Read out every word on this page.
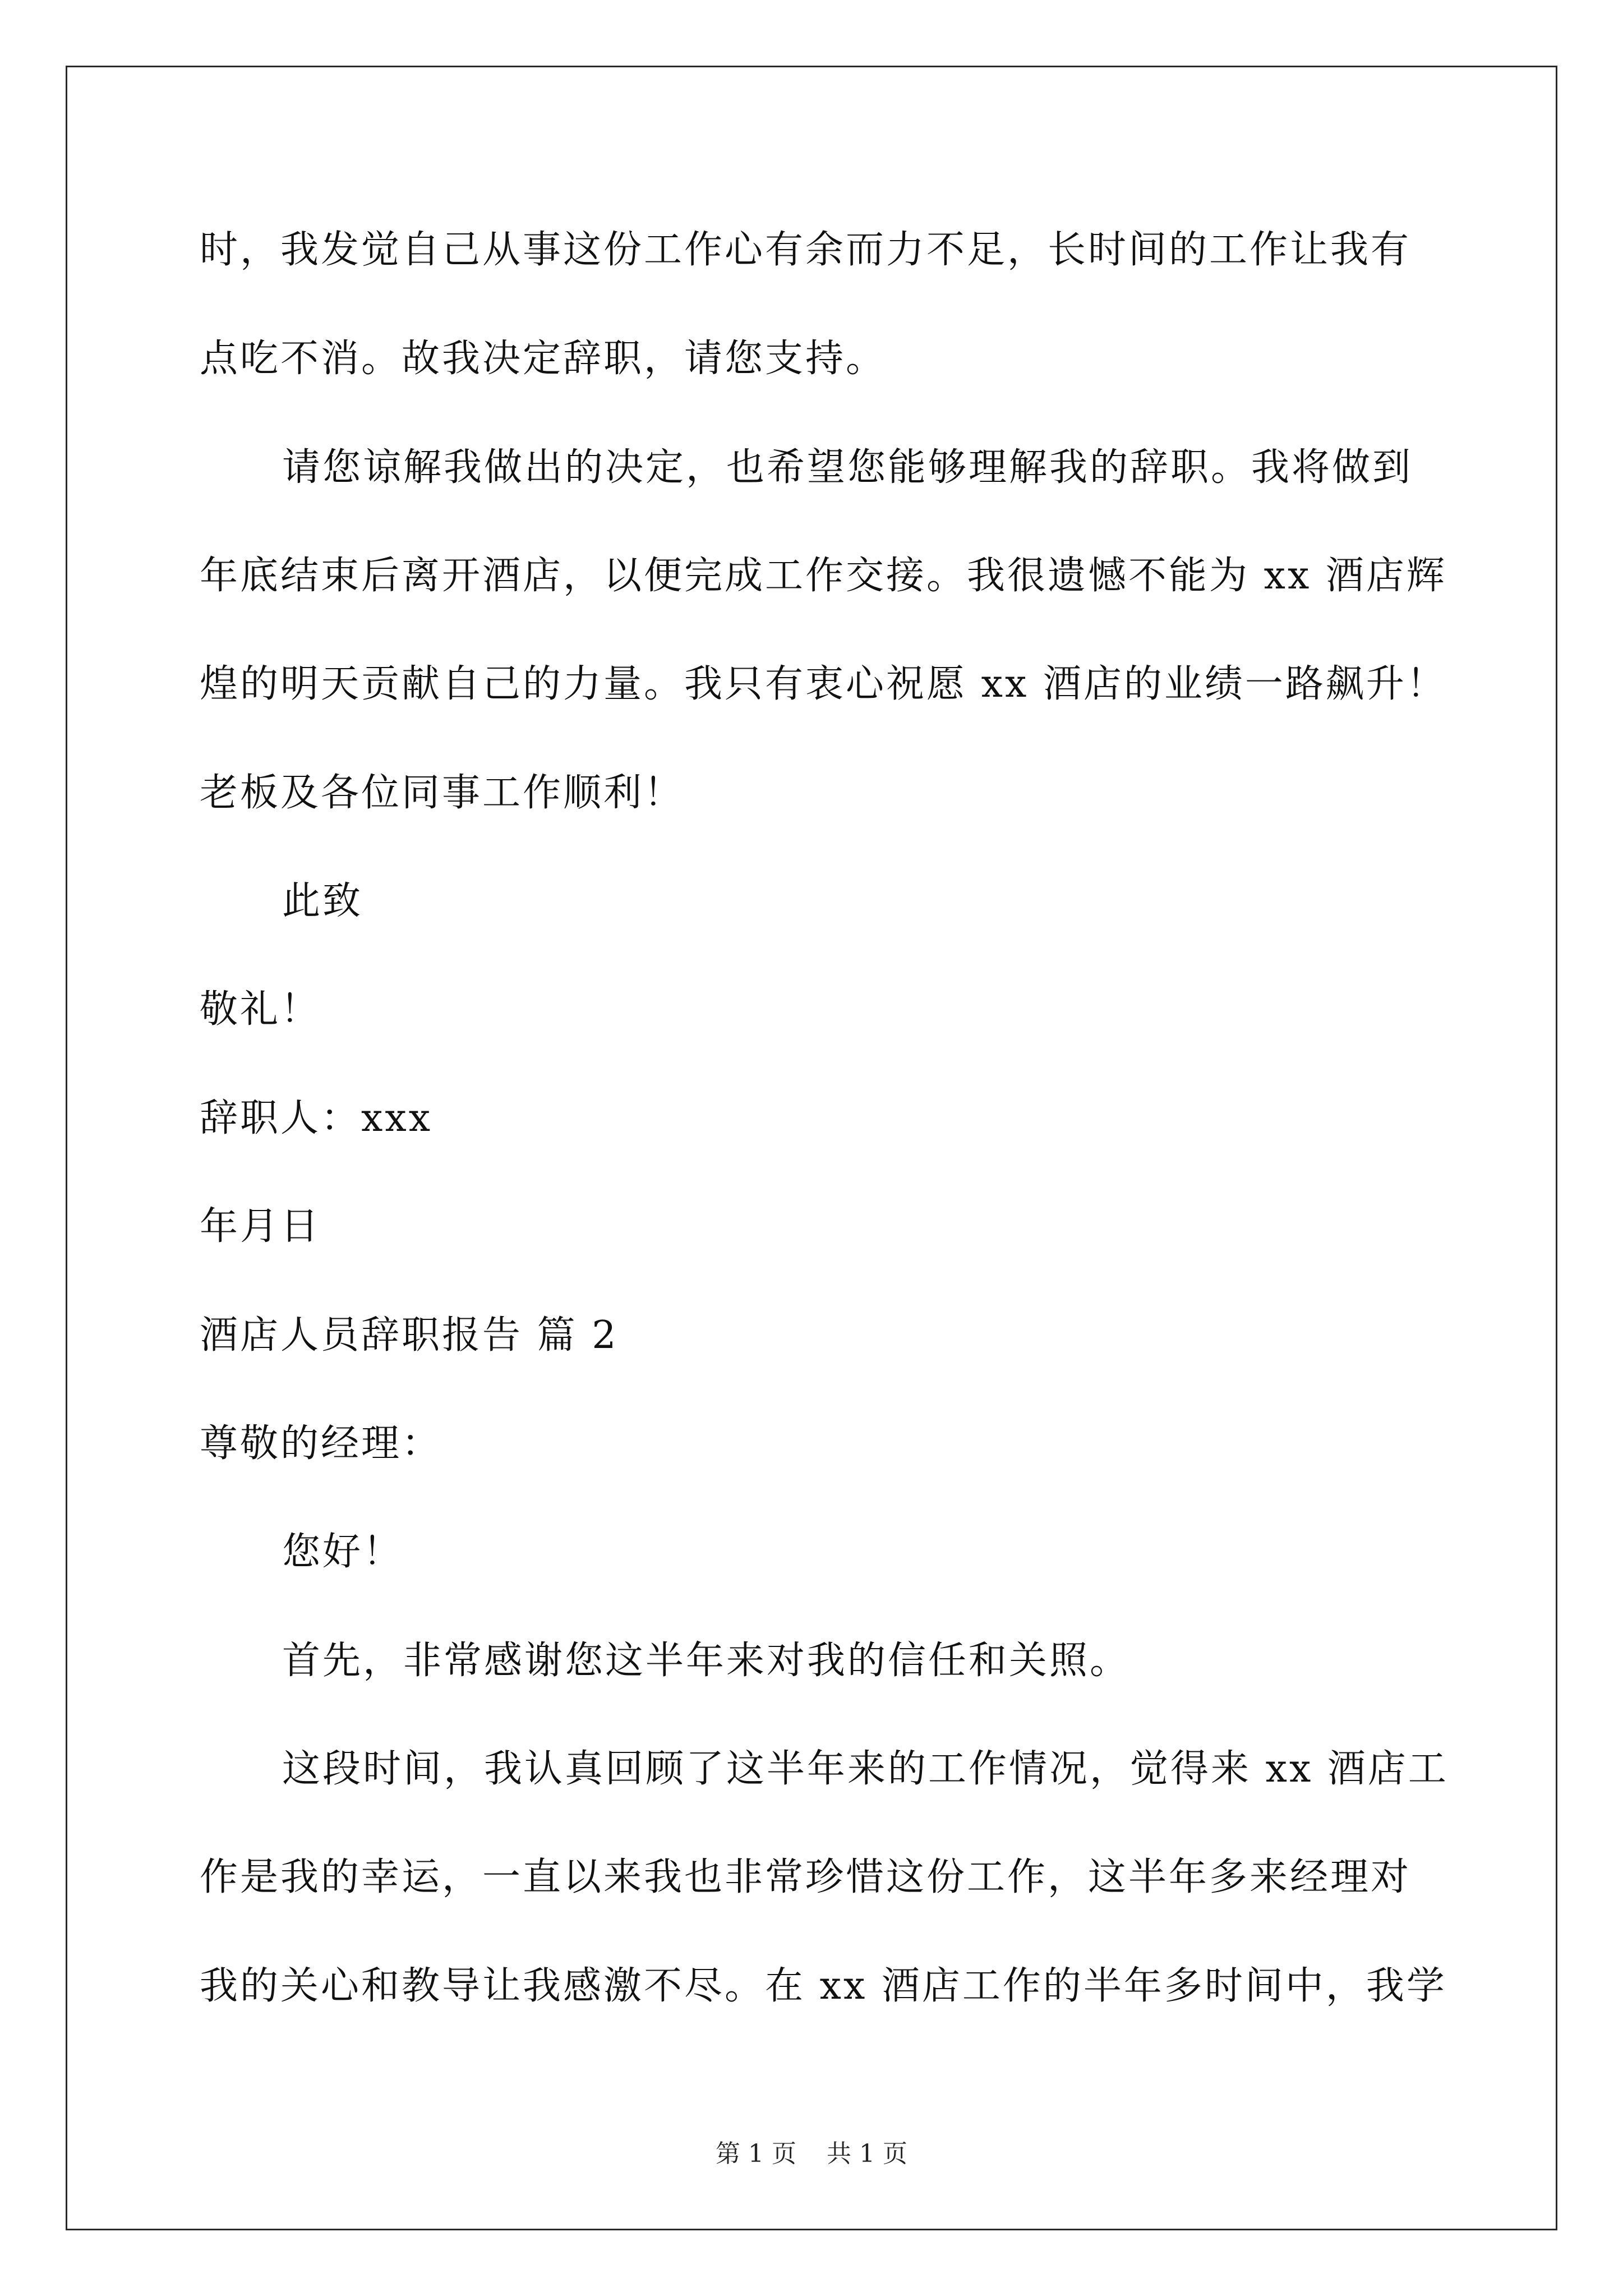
时，我发觉自己从事这份工作心有余而力不足，长时间的工作让我有
点吃不消。故我决定辞职，请您支持。
请您谅解我做出的决定，也希望您能够理解我的辞职。我将做到
年底结束后离开酒店，以便完成工作交接。我很遗憾不能为 xx 酒店辉
煌的明天贡献自己的力量。我只有衷心祝愿 xx 酒店的业绩一路飙升！
老板及各位同事工作顺利！
此致
敬礼！
辞职人：xxx
年月日
酒店人员辞职报告 篇 2
尊敬的经理：
您好！
首先，非常感谢您这半年来对我的信任和关照。
这段时间，我认真回顾了这半年来的工作情况，觉得来 xx 酒店工
作是我的幸运，一直以来我也非常珍惜这份工作，这半年多来经理对
我的关心和教导让我感激不尽。在 xx 酒店工作的半年多时间中，我学
第 1 页 共 1 页
